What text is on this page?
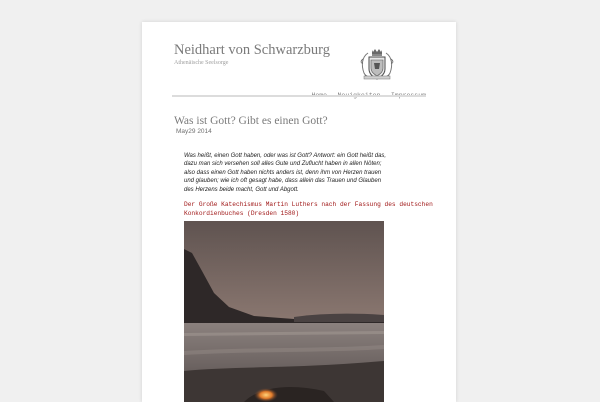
Neidhart von Schwarzburg
Athenäische Seelsorge
Was ist Gott? Gibt es einen Gott?
May29 2014
Was heißt, einen Gott haben, oder was ist Gott? Antwort: ein Gott heißt das,
dazu man sich versehen soll alles Gute und Zuflucht haben in allen Nöten;
also dass einen Gott haben nichts anders ist, denn ihm von Herzen trauen
und glauben; wie ich oft gesagt habe, dass allein das Trauen und Glauben
des Herzens beide macht, Gott und Abgott.
Der Große Katechismus Martin Luthers nach der Fassung des deutschen
Konkordienbuches (Dresden 1580)
